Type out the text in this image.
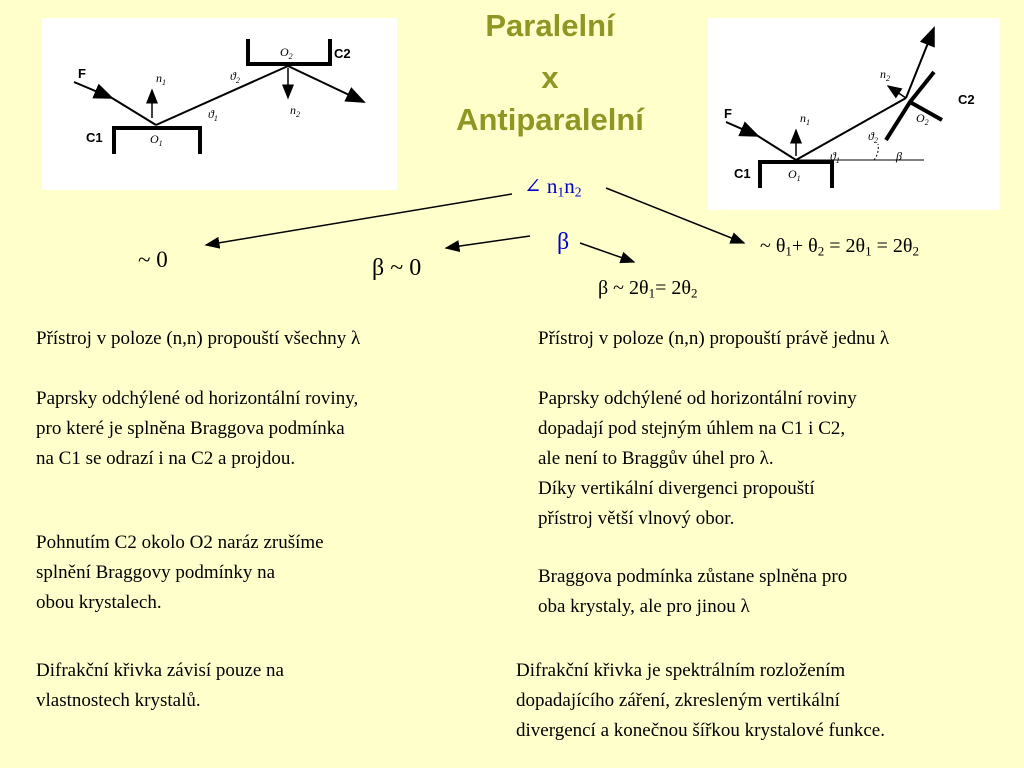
Paralelní
x
Antiparalelní
F	$n_1$
$ϑ_1$
$ϑ_2$
$O_1$
$O_2$
C1
C2
$n_2$	F	$n_1$
$ϑ_1$
$ϑ_2$
β
$O_1$
$O_2$
C1
C2
$n_2$
∠ $n_1n_2$
β
~ 0	β ~ 0
~ $\theta_1+ \theta_2 = 2\theta_1 = 2\theta_2$
β ~ $2\theta_1= 2\theta_2$
Přístroj v poloze (n,n) propouští všechny λ
Paprsky odchýlené od horizontální roviny,
pro které je splněna Braggova podmínka
na C1 se odrazí i na C2 a projdou.
Pohnutím C2 okolo O2 naráz zrušíme
splnění Braggovy podmínky na
obou krystalech.
Difrakční křivka závisí pouze na
vlastnostech krystalů.
Přístroj v poloze (n,n) propouští právě jednu λ
Paprsky odchýlené od horizontální roviny
dopadají pod stejným úhlem na C1 i C2,
ale není to Braggův úhel pro λ.
Díky vertikální divergenci propouští
přístroj větší vlnový obor.
Braggova podmínka zůstane splněna pro
oba krystaly, ale pro jinou λ
Difrakční křivka je spektrálním rozložením
dopadajícího záření, zkresleným vertikální
divergencí a konečnou šířkou krystalové funkce.
